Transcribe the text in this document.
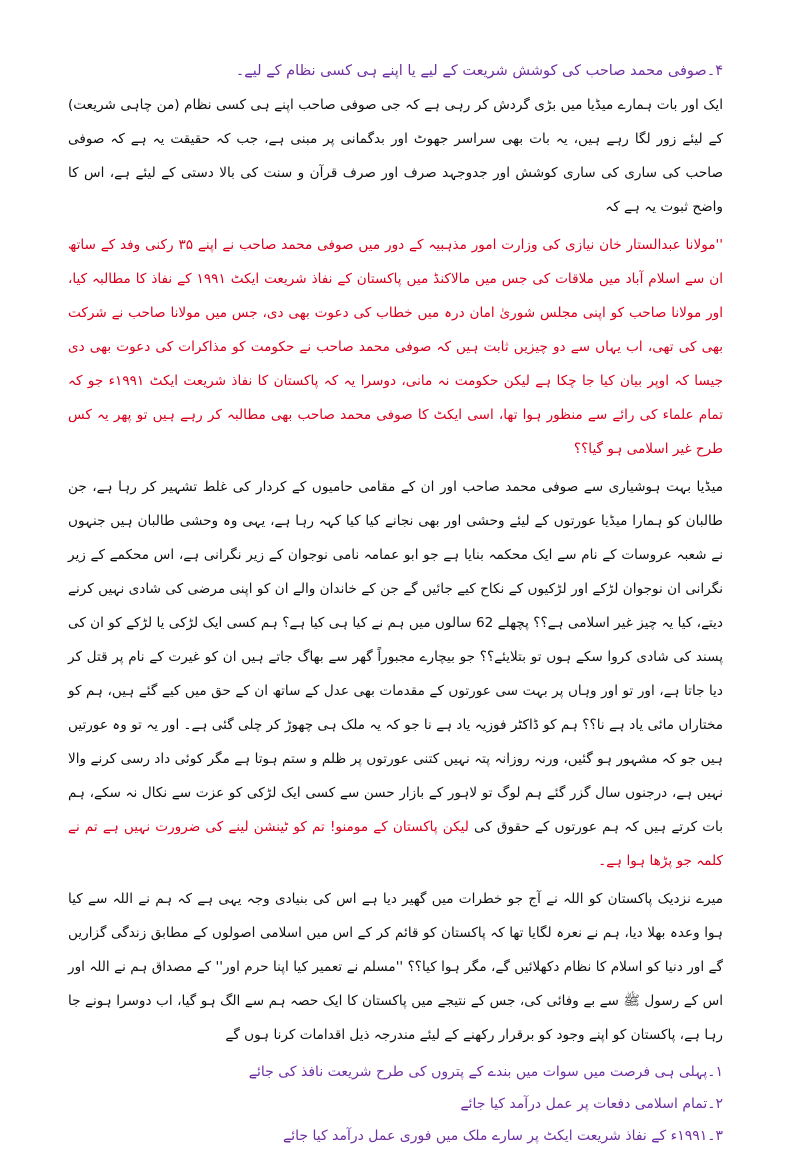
۴۔صوفی محمد صاحب کی کوشش شریعت کے لیے یا اپنے ہی کسی نظام کے لیے۔

ایک اور بات ہمارے میڈیا میں بڑی گردش کر رہی ہے کہ جی صوفی صاحب اپنے ہی کسی نظام (من چاہی شریعت) کے لیئے زور لگا رہے ہیں، یہ بات بھی سراسر جھوٹ اور بدگمانی پر مبنی ہے، جب کہ حقیقت یہ ہے کہ صوفی صاحب کی ساری کی ساری کوشش اور جدوجہد صرف اور صرف قرآن و سنت کی بالا دستی کے لیئے ہے، اس کا واضح ثبوت یہ ہے کہ

''مولانا عبدالستار خان نیازی کی وزارت امور مذہبیہ کے دور میں صوفی محمد صاحب نے اپنے ۳۵ رکنی وفد کے ساتھ ان سے اسلام آباد میں ملاقات کی جس میں مالاکنڈ میں پاکستان کے نفاذ شریعت ایکٹ ۱۹۹۱ کے نفاذ کا مطالبہ کیا، اور مولانا صاحب کو اپنی مجلس شوریٰ امان درہ میں خطاب کی دعوت بھی دی، جس میں مولانا صاحب نے شرکت بھی کی تھی، اب یہاں سے دو چیزیں ثابت ہیں کہ صوفی محمد صاحب نے حکومت کو مذاکرات کی دعوت بھی دی جیسا کہ اوپر بیان کیا جا چکا ہے لیکن حکومت نہ مانی، دوسرا یہ کہ پاکستان کا نفاذ شریعت ایکٹ ۱۹۹۱ء جو کہ تمام علماء کی رائے سے منظور ہوا تھا، اسی ایکٹ کا صوفی محمد صاحب بھی مطالبہ کر رہے ہیں تو پھر یہ کس طرح غیر اسلامی ہو گیا؟؟

میڈیا بہت ہوشیاری سے صوفی محمد صاحب اور ان کے مقامی حامیوں کے کردار کی غلط تشہیر کر رہا ہے، جن طالبان کو ہمارا میڈیا عورتوں کے لیئے وحشی اور بھی نجانے کیا کیا کہہ رہا ہے، یہی وہ وحشی طالبان ہیں جنہوں نے شعبہ عروسات کے نام سے ایک محکمہ بنایا ہے جو ابو عمامہ نامی نوجوان کے زیر نگرانی ہے، اس محکمے کے زیر نگرانی ان نوجوان لڑکے اور لڑکیوں کے نکاح کیے جائیں گے جن کے خاندان والے ان کو اپنی مرضی کی شادی نہیں کرنے دیتے، کیا یہ چیز غیر اسلامی ہے؟؟ پچھلے 62 سالوں میں ہم نے کیا ہی کیا ہے؟ ہم کسی ایک لڑکی یا لڑکے کو ان کی پسند کی شادی کروا سکے ہوں تو بتلایئے؟؟ جو بیچارے مجبوراً گھر سے بھاگ جاتے ہیں ان کو غیرت کے نام پر قتل کر دیا جاتا ہے، اور تو اور وہاں پر بہت سی عورتوں کے مقدمات بھی عدل کے ساتھ ان کے حق میں کیے گئے ہیں، ہم کو مختاراں مائی یاد ہے نا؟؟ ہم کو ڈاکٹر فوزیہ یاد ہے نا جو کہ یہ ملک ہی چھوڑ کر چلی گئی ہے۔ اور یہ تو وہ عورتیں ہیں جو کہ مشہور ہو گئیں، ورنہ روزانہ پتہ نہیں کتنی عورتوں پر ظلم و ستم ہوتا ہے مگر کوئی داد رسی کرنے والا نہیں ہے، درجنوں سال گزر گئے ہم لوگ تو لاہور کے بازار حسن سے کسی ایک لڑکی کو عزت سے نکال نہ سکے، ہم بات کرتے ہیں کہ ہم عورتوں کے حقوق کی لیکن پاکستان کے مومنو! تم کو ٹینشن لینے کی ضرورت نہیں ہے تم نے کلمہ جو پڑھا ہوا ہے۔

میرے نزدیک پاکستان کو اللہ نے آج جو خطرات میں گھیر دیا ہے اس کی بنیادی وجہ یہی ہے کہ ہم نے اللہ سے کیا ہوا وعدہ بھلا دیا، ہم نے نعرہ لگایا تھا کہ پاکستان کو قائم کر کے اس میں اسلامی اصولوں کے مطابق زندگی گزاریں گے اور دنیا کو اسلام کا نظام دکھلائیں گے، مگر ہوا کیا؟؟ ''مسلم نے تعمیر کیا اپنا حرم اور'' کے مصداق ہم نے اللہ اور اس کے رسول ﷺ سے بے وفائی کی، جس کے نتیجے میں پاکستان کا ایک حصہ ہم سے الگ ہو گیا، اب دوسرا ہونے جا رہا ہے، پاکستان کو اپنے وجود کو برقرار رکھنے کے لیئے مندرجہ ذیل اقدامات کرنا ہوں گے

۱۔پہلی ہی فرصت میں سوات میں بندے کے پتروں کی طرح شریعت نافذ کی جائے

۲۔تمام اسلامی دفعات پر عمل درآمد کیا جائے

۳۔۱۹۹۱ء کے نفاذ شریعت ایکٹ پر سارے ملک میں فوری عمل درآمد کیا جائے
